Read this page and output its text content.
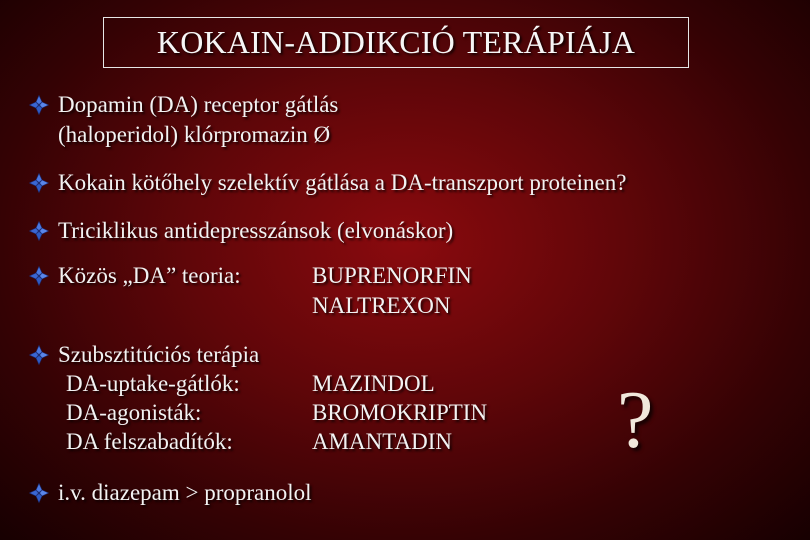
KOKAIN-ADDIKCIÓ TERÁPIÁJA
Dopamin (DA) receptor gátlás
(haloperidol) klórpromazin Ø
Kokain kötőhely szelektív gátlása a DA-transzport proteinen?
Triciklikus antidepresszánsok (elvonáskor)
Közös „DA” teoria:	BUPRENORFIN
NALTREXON
Szubsztitúciós terápia
DA-uptake-gátlók:	MAZINDOL
DA-agonisták:	BROMOKRIPTIN
DA felszabadítók:	AMANTADIN ?
i.v. diazepam > propranolol
